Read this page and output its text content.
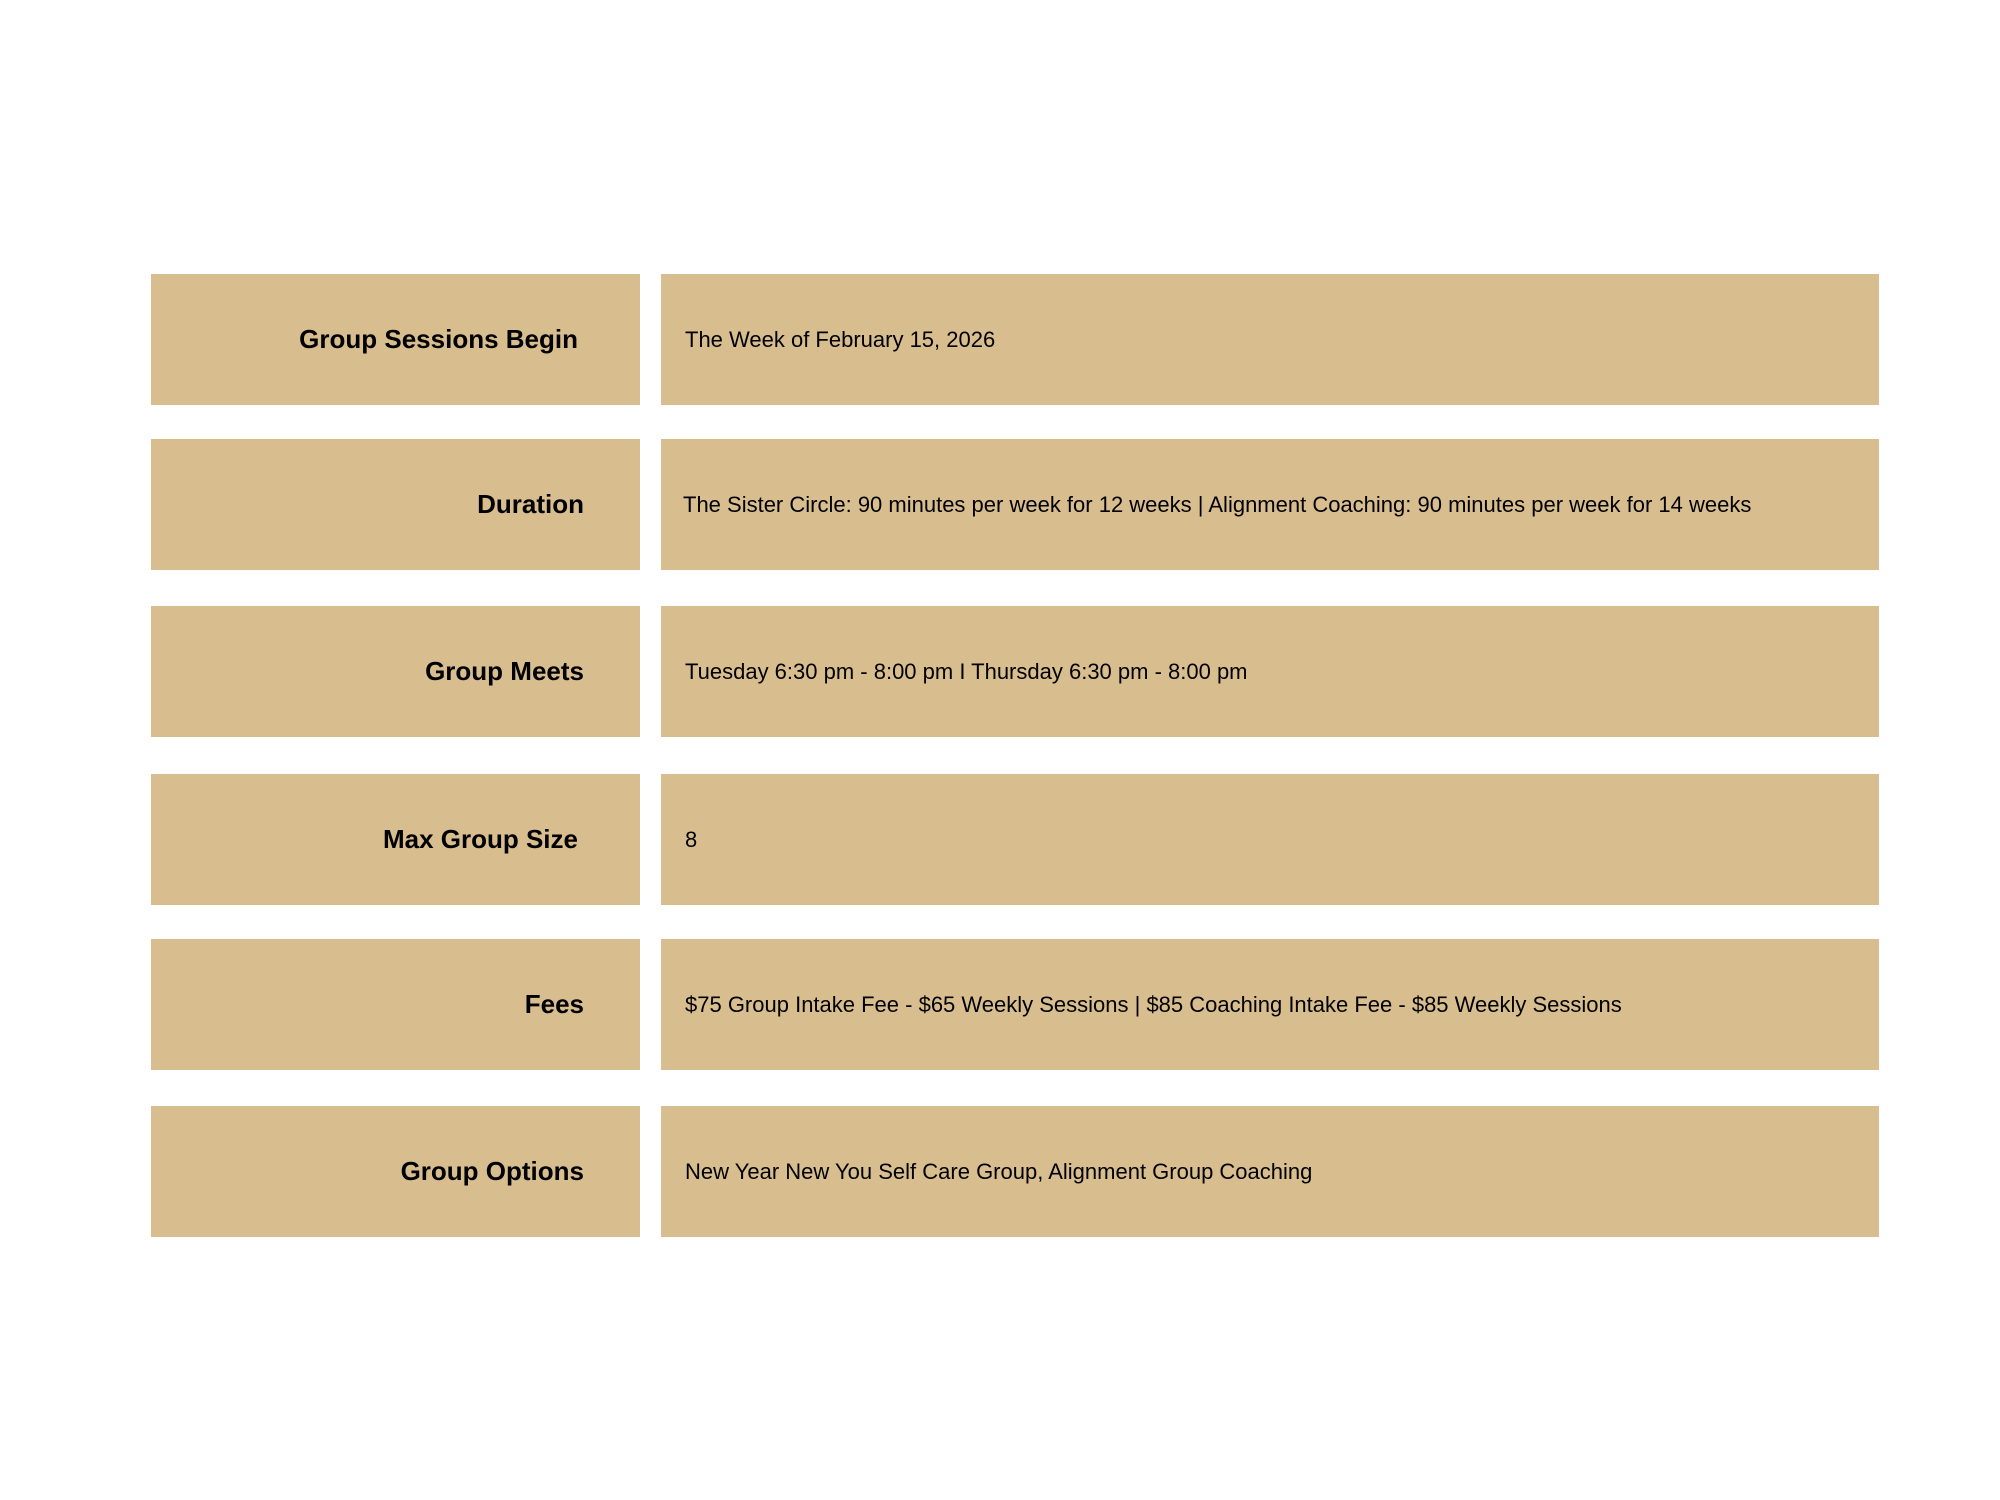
Group Sessions Begin	The Week of February 15, 2026
Duration	The Sister Circle: 90 minutes per week for 12 weeks | Alignment Coaching: 90 minutes per week for 14 weeks
Group Meets	Tuesday 6:30 pm - 8:00 pm I Thursday 6:30 pm - 8:00 pm
Max Group Size	8
Fees	$75 Group Intake Fee - $65 Weekly Sessions | $85 Coaching Intake Fee - $85 Weekly Sessions
Group Options	New Year New You Self Care Group, Alignment Group Coaching
